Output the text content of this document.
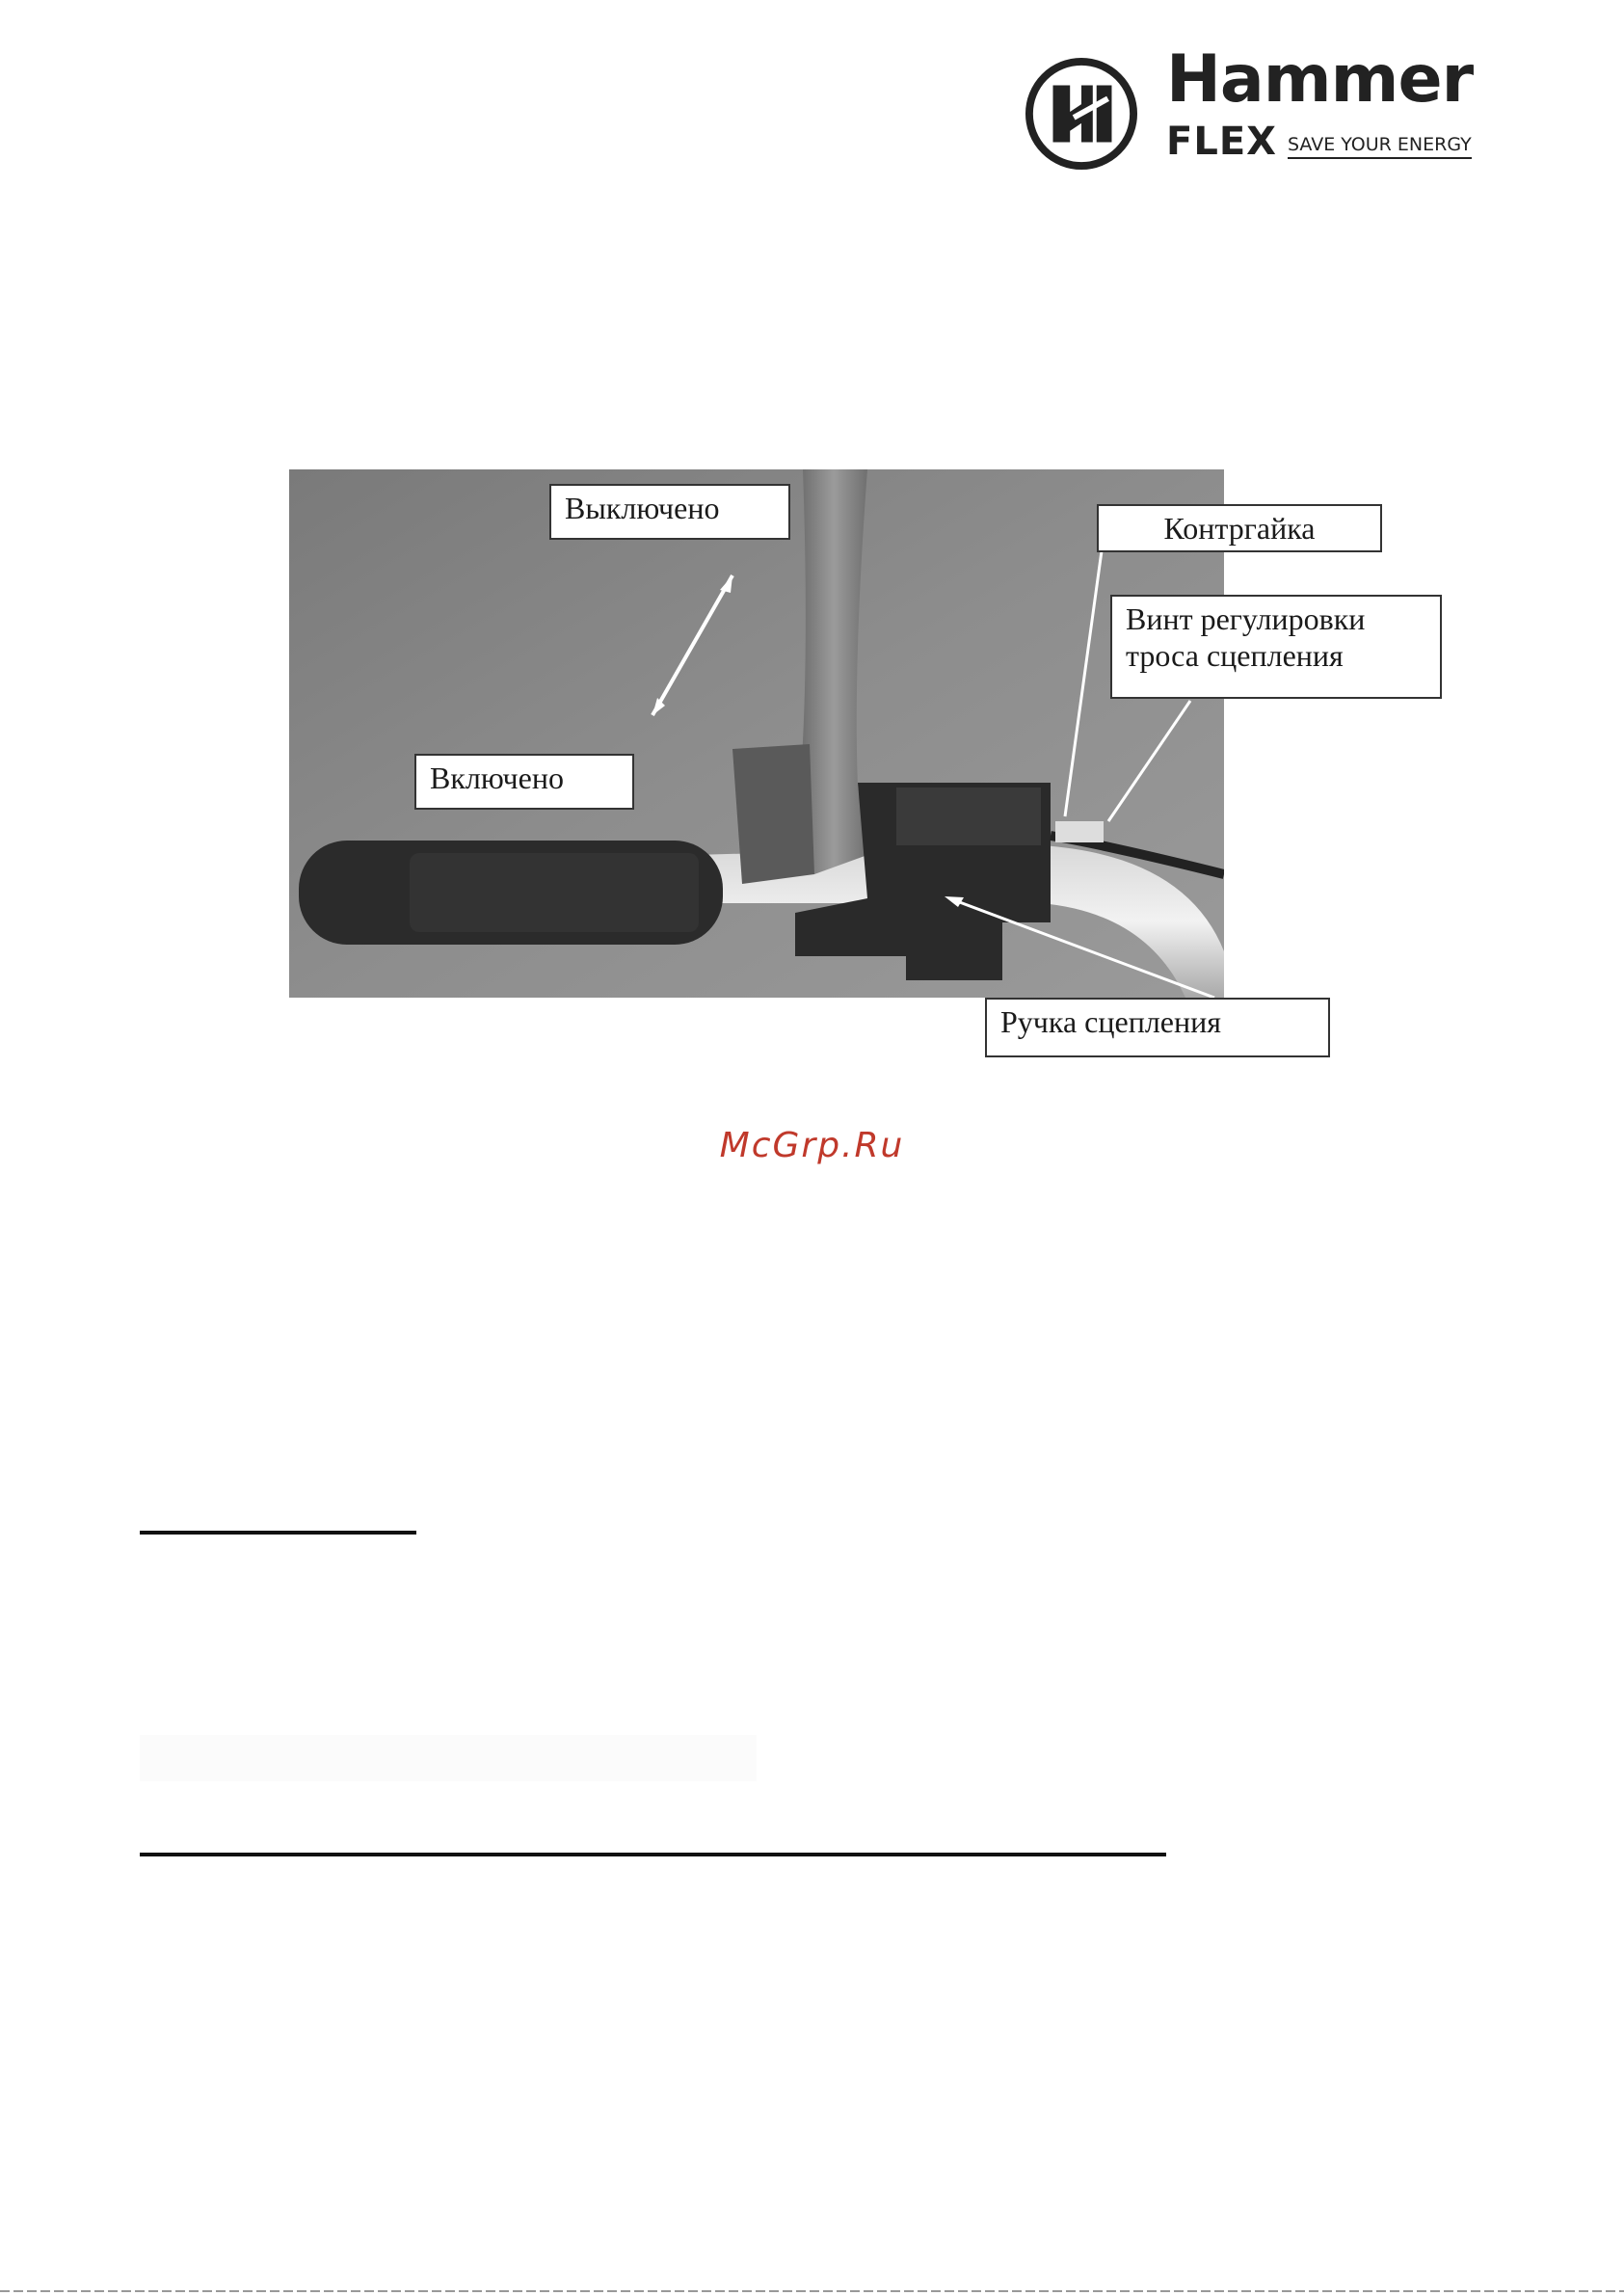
Hammer
FLEX SAVE YOUR ENERGY
Выключено
Включено
Контргайка
Винт регулировки
троса сцепления
Ручка сцепления
McGrp.Ru
